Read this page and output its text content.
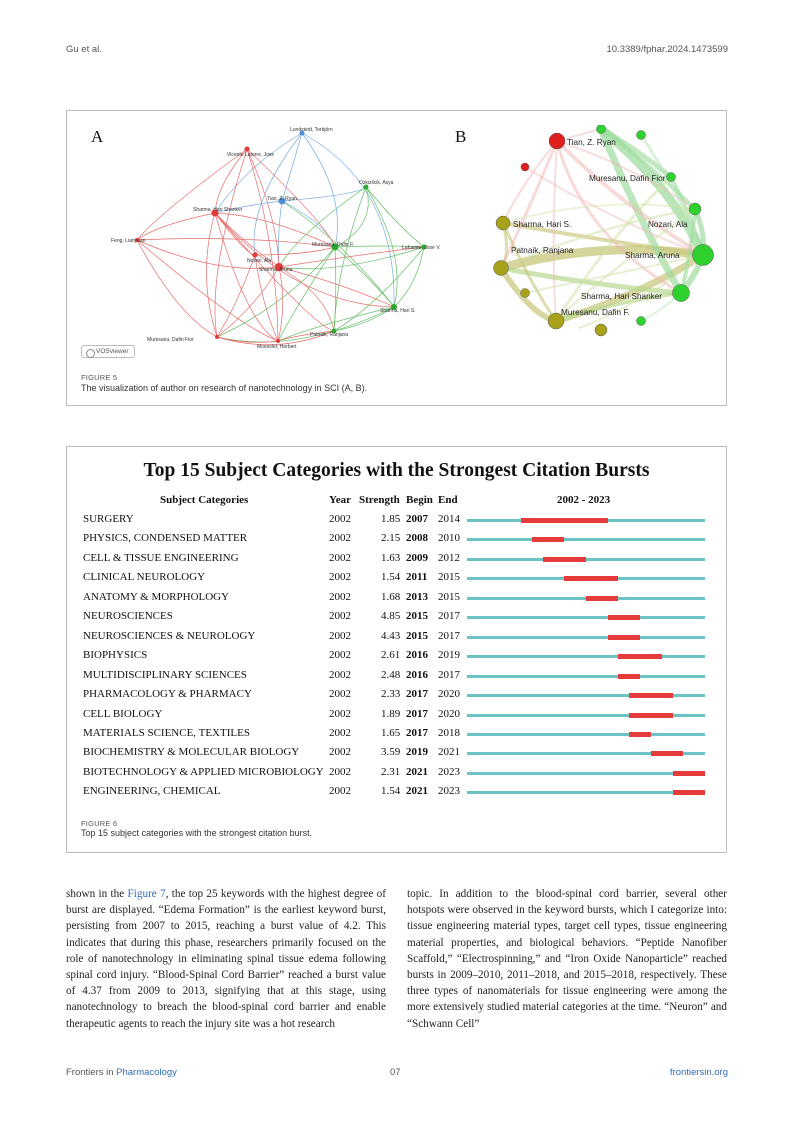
Gu et al.	10.3389/fphar.2024.1473599
A	B
Lundstedt, Torbjörn
Vicente Latorre, Jose
Ozkizilcik, Asya
Tian, Z. Ryan
Sharma, Hari Shanker
Feng, Lianyuan
Muresanu, Dafin F.	Lafuente, Jose V.
Nozari, Ala
Sharma, Aruna
Sharma, Hari S.
Patnaik, Ranjana
Muresanu, Dafin Fior
Moessler, Herbert
VOSviewer
Tian, Z. Ryan
Muresanu, Dafin Fior
Sharma, Hari S.	Nozari, Ala
Patnaik, Ranjana
Sharma, Aruna
Sharma, Hari Shanker
Muresanu, Dafin F.
FIGURE 5
The visualization of author on research of nanotechnology in SCI (A, B).
Top 15 Subject Categories with the Strongest Citation Bursts
Subject Categories	Year Strength Begin End	2002 - 2023
SURGERY	2002	1.85 2007 2014
PHYSICS, CONDENSED MATTER	2002	2.15 2008 2010
CELL & TISSUE ENGINEERING	2002	1.63 2009 2012
CLINICAL NEUROLOGY	2002	1.54 2011 2015
ANATOMY & MORPHOLOGY	2002	1.68 2013 2015
NEUROSCIENCES	2002	4.85 2015 2017
NEUROSCIENCES & NEUROLOGY	2002	4.43 2015 2017
BIOPHYSICS	2002	2.61 2016 2019
MULTIDISCIPLINARY SCIENCES	2002	2.48 2016 2017
PHARMACOLOGY & PHARMACY	2002	2.33 2017 2020
CELL BIOLOGY	2002	1.89 2017 2020
MATERIALS SCIENCE, TEXTILES	2002	1.65 2017 2018
BIOCHEMISTRY & MOLECULAR BIOLOGY	2002	3.59 2019 2021
BIOTECHNOLOGY & APPLIED MICROBIOLOGY 2002	2.31 2021 2023
ENGINEERING, CHEMICAL	2002	1.54 2021 2023
FIGURE 6
Top 15 subject categories with the strongest citation burst.
shown in the Figure 7, the top 25 keywords with the highest degree of burst are displayed. “Edema Formation” is the earliest keyword burst, persisting from 2007 to 2015, reaching a burst value of 4.2. This indicates that during this phase, researchers primarily focused on the role of nanotechnology in eliminating spinal tissue edema following spinal cord injury. “Blood-Spinal Cord Barrier” reached a burst value of 4.37 from 2009 to 2013, signifying that at this stage, using nanotechnology to breach the blood-spinal cord barrier and enable therapeutic agents to reach the injury site was a hot research
topic. In addition to the blood-spinal cord barrier, several other hotspots were observed in the keyword bursts, which I categorize into: tissue engineering material types, target cell types, tissue engineering material properties, and biological behaviors. “Peptide Nanofiber Scaffold,” “Electrospinning,” and “Iron Oxide Nanoparticle” reached bursts in 2009–2010, 2011–2018, and 2015–2018, respectively. These three types of nanomaterials for tissue engineering were among the more extensively studied material categories at the time. “Neuron” and “Schwann Cell”
Frontiers in Pharmacology	07	frontiersin.org
